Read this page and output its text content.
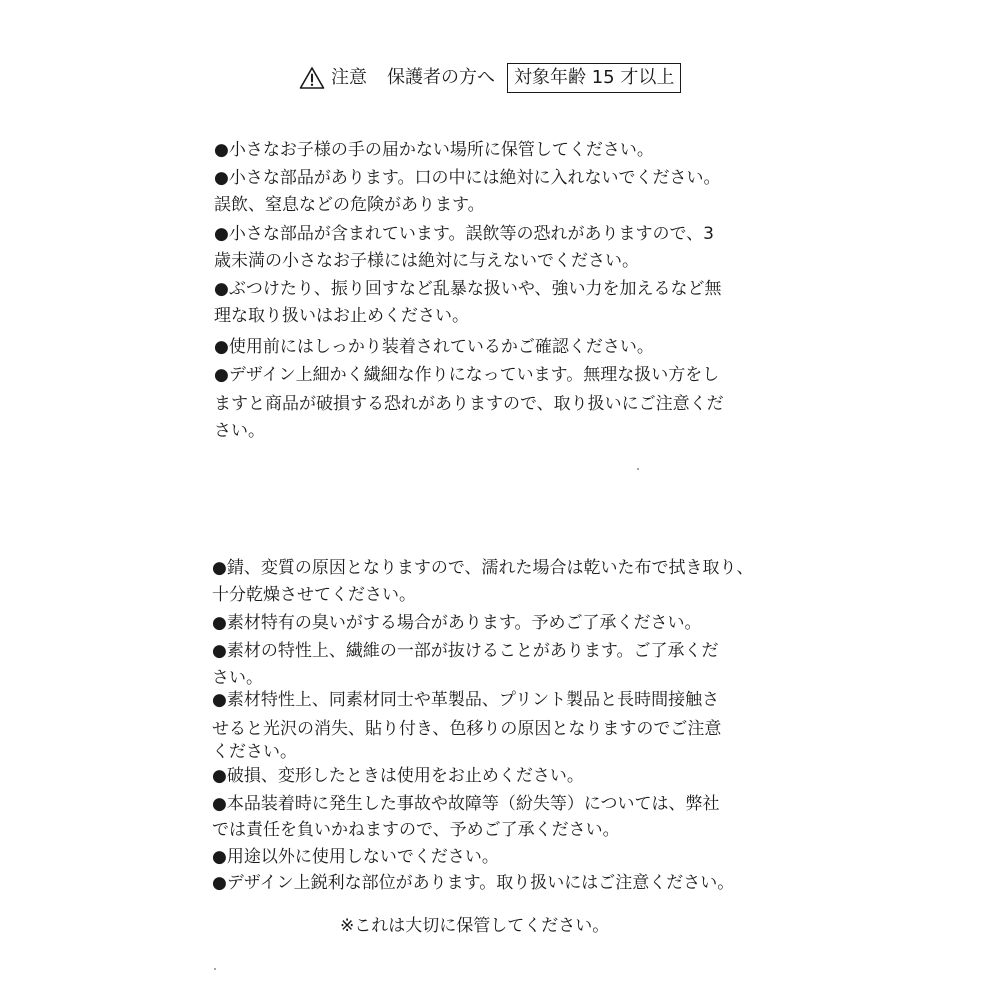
注意 保護者の方へ	対象年齢 15 才以上
●小さなお子様の手の届かない場所に保管してください。
●小さな部品があります。口の中には絶対に入れないでください。
誤飲、窒息などの危険があります。
●小さな部品が含まれています。誤飲等の恐れがありますので、3
歳未満の小さなお子様には絶対に与えないでください。
●ぶつけたり、振り回すなど乱暴な扱いや、強い力を加えるなど無
理な取り扱いはお止めください。
●使用前にはしっかり装着されているかご確認ください。
●デザイン上細かく繊細な作りになっています。無理な扱い方をし
ますと商品が破損する恐れがありますので、取り扱いにご注意くだ
さい。
●錆、変質の原因となりますので、濡れた場合は乾いた布で拭き取り、
十分乾燥させてください。
●素材特有の臭いがする場合があります。予めご了承ください。
●素材の特性上、繊維の一部が抜けることがあります。ご了承くだ
さい。
●素材特性上、同素材同士や革製品、プリント製品と長時間接触さ
せると光沢の消失、貼り付き、色移りの原因となりますのでご注意
ください。
●破損、変形したときは使用をお止めください。
●本品装着時に発生した事故や故障等（紛失等）については、弊社
では責任を負いかねますので、予めご了承ください。
●用途以外に使用しないでください。
●デザイン上鋭利な部位があります。取り扱いにはご注意ください。
※これは大切に保管してください。
